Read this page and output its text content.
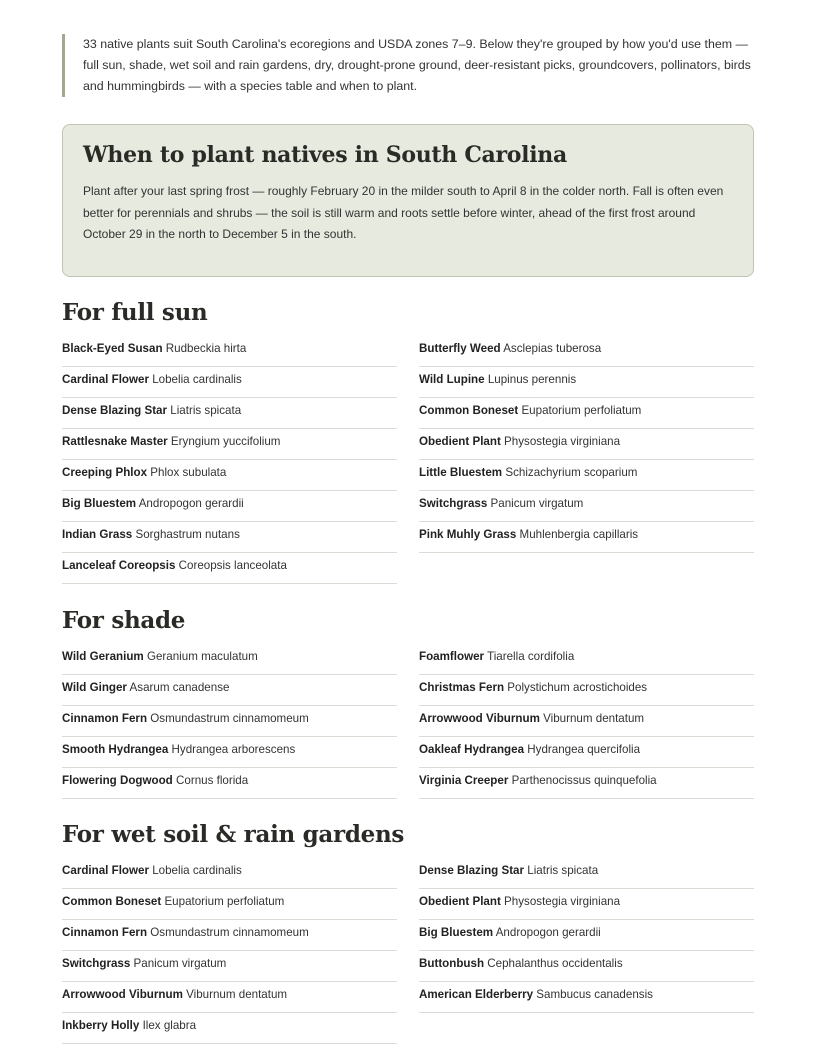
33 native plants suit South Carolina's ecoregions and USDA zones 7–9. Below they're grouped by how you'd use them — full sun, shade, wet soil and rain gardens, dry, drought-prone ground, deer-resistant picks, groundcovers, pollinators, birds and hummingbirds — with a species table and when to plant.
When to plant natives in South Carolina

Plant after your last spring frost — roughly February 20 in the milder south to April 8 in the colder north. Fall is often even better for perennials and shrubs — the soil is still warm and roots settle before winter, ahead of the first frost around October 29 in the north to December 5 in the south.

For full sun
Black-Eyed Susan Rudbeckia hirta	Butterfly Weed Asclepias tuberosa
Cardinal Flower Lobelia cardinalis	Wild Lupine Lupinus perennis
Dense Blazing Star Liatris spicata	Common Boneset Eupatorium perfoliatum
Rattlesnake Master Eryngium yuccifolium	Obedient Plant Physostegia virginiana
Creeping Phlox Phlox subulata	Little Bluestem Schizachyrium scoparium
Big Bluestem Andropogon gerardii	Switchgrass Panicum virgatum
Indian Grass Sorghastrum nutans	Pink Muhly Grass Muhlenbergia capillaris
Lanceleaf Coreopsis Coreopsis lanceolata
For shade
Wild Geranium Geranium maculatum	Foamflower Tiarella cordifolia
Wild Ginger Asarum canadense	Christmas Fern Polystichum acrostichoides
Cinnamon Fern Osmundastrum cinnamomeum	Arrowwood Viburnum Viburnum dentatum
Smooth Hydrangea Hydrangea arborescens	Oakleaf Hydrangea Hydrangea quercifolia
Flowering Dogwood Cornus florida	Virginia Creeper Parthenocissus quinquefolia
For wet soil & rain gardens
Cardinal Flower Lobelia cardinalis	Dense Blazing Star Liatris spicata
Common Boneset Eupatorium perfoliatum	Obedient Plant Physostegia virginiana
Cinnamon Fern Osmundastrum cinnamomeum	Big Bluestem Andropogon gerardii
Switchgrass Panicum virgatum	Buttonbush Cephalanthus occidentalis
Arrowwood Viburnum Viburnum dentatum	American Elderberry Sambucus canadensis
Inkberry Holly Ilex glabra
